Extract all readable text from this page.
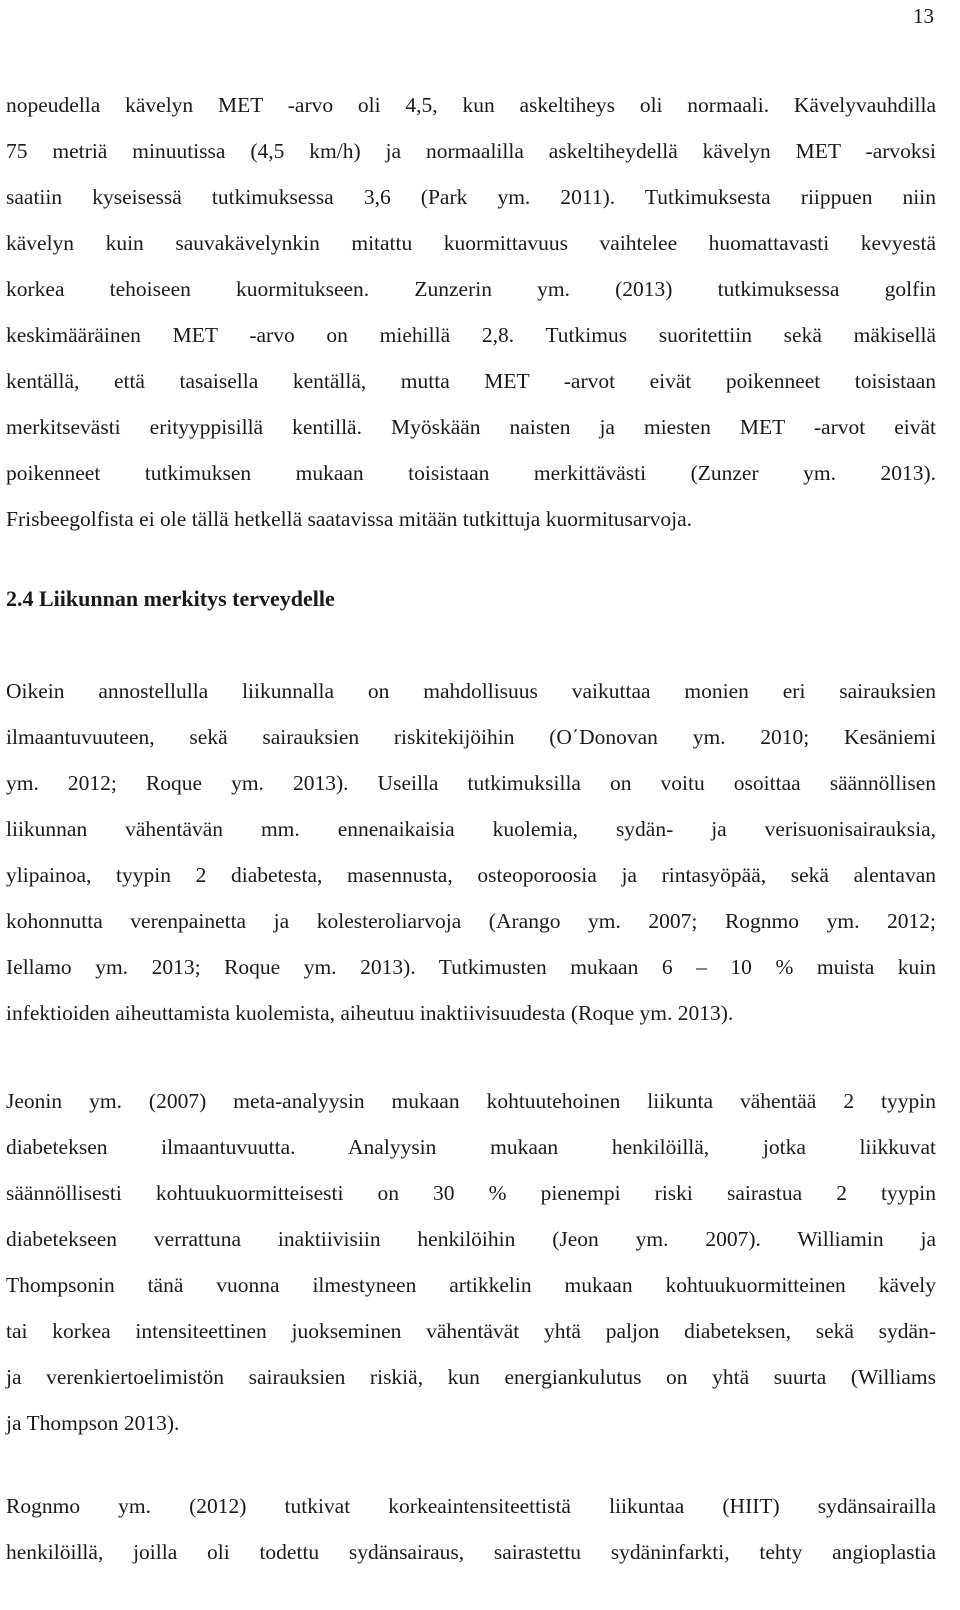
13
nopeudella kävelyn MET -arvo oli 4,5, kun askeltiheys oli normaali. Kävelyvauhdilla
75 metriä minuutissa (4,5 km/h) ja normaalilla askeltiheydellä kävelyn MET -arvoksi
saatiin kyseisessä tutkimuksessa 3,6 (Park ym. 2011). Tutkimuksesta riippuen niin
kävelyn kuin sauvakävelynkin mitattu kuormittavuus vaihtelee huomattavasti kevyestä
korkea tehoiseen kuormitukseen. Zunzerin ym. (2013) tutkimuksessa golfin
keskimääräinen MET -arvo on miehillä 2,8. Tutkimus suoritettiin sekä mäkisellä
kentällä, että tasaisella kentällä, mutta MET -arvot eivät poikenneet toisistaan
merkitsevästi erityyppisillä kentillä. Myöskään naisten ja miesten MET -arvot eivät
poikenneet tutkimuksen mukaan toisistaan merkittävästi (Zunzer ym. 2013).
Frisbeegolfista ei ole tällä hetkellä saatavissa mitään tutkittuja kuormitusarvoja.
2.4 Liikunnan merkitys terveydelle
Oikein annostellulla liikunnalla on mahdollisuus vaikuttaa monien eri sairauksien
ilmaantuvuuteen, sekä sairauksien riskitekijöihin (O΄Donovan ym. 2010; Kesäniemi
ym. 2012; Roque ym. 2013). Useilla tutkimuksilla on voitu osoittaa säännöllisen
liikunnan vähentävän mm. ennenaikaisia kuolemia, sydän- ja verisuonisairauksia,
ylipainoa, tyypin 2 diabetesta, masennusta, osteoporoosia ja rintasyöpää, sekä alentavan
kohonnutta verenpainetta ja kolesteroliarvoja (Arango ym. 2007; Rognmo ym. 2012;
Iellamo ym. 2013; Roque ym. 2013). Tutkimusten mukaan 6 – 10 % muista kuin
infektioiden aiheuttamista kuolemista, aiheutuu inaktiivisuudesta (Roque ym. 2013).
Jeonin ym. (2007) meta-analyysin mukaan kohtuutehoinen liikunta vähentää 2 tyypin
diabeteksen ilmaantuvuutta. Analyysin mukaan henkilöillä, jotka liikkuvat
säännöllisesti kohtuukuormitteisesti on 30 % pienempi riski sairastua 2 tyypin
diabetekseen verrattuna inaktiivisiin henkilöihin (Jeon ym. 2007). Williamin ja
Thompsonin tänä vuonna ilmestyneen artikkelin mukaan kohtuukuormitteinen kävely
tai korkea intensiteettinen juokseminen vähentävät yhtä paljon diabeteksen, sekä sydän-
ja verenkiertoelimistön sairauksien riskiä, kun energiankulutus on yhtä suurta (Williams
ja Thompson 2013).
Rognmo ym. (2012) tutkivat korkeaintensiteettistä liikuntaa (HIIT) sydänsairailla
henkilöillä, joilla oli todettu sydänsairaus, sairastettu sydäninfarkti, tehty angioplastia
